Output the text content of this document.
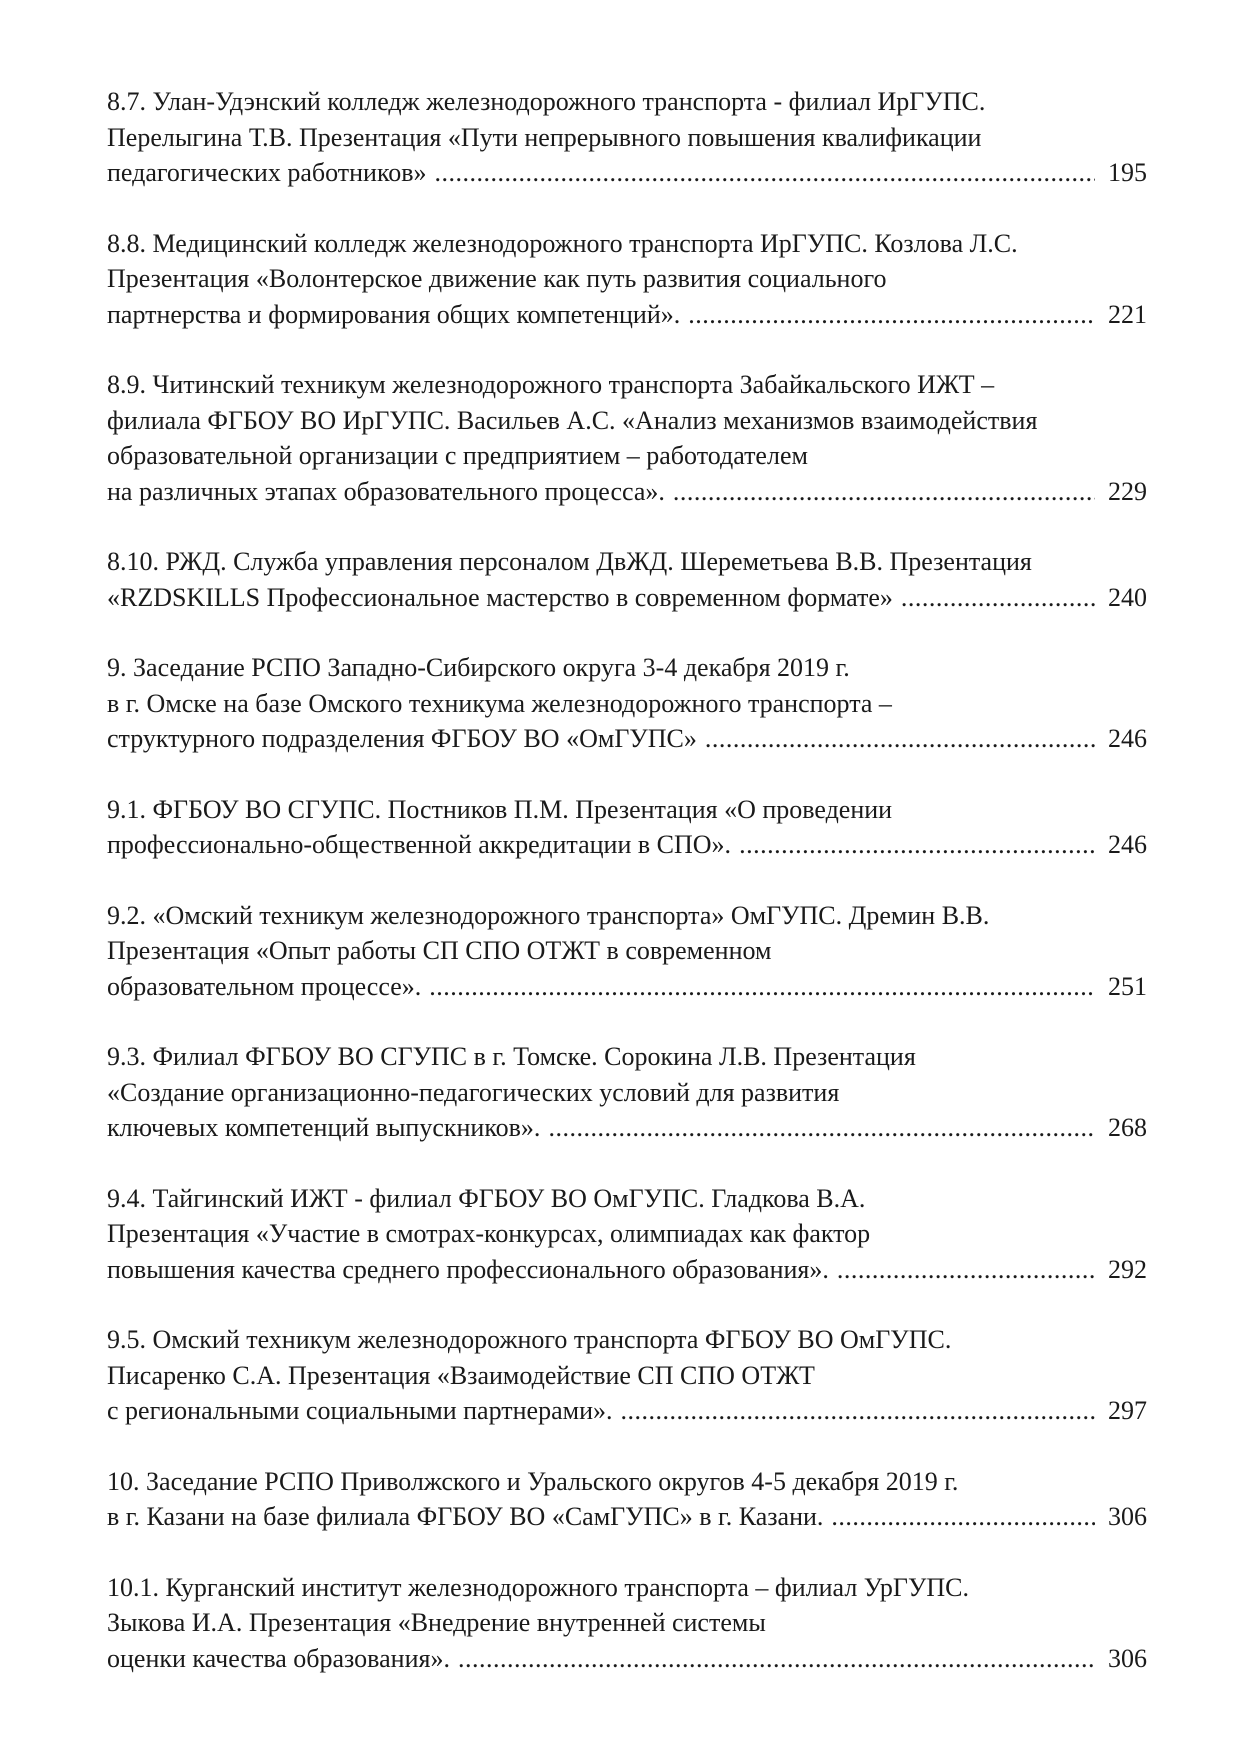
8.7. Улан-Удэнский колледж железнодорожного транспорта - филиал ИрГУПС.
Перелыгина Т.В. Презентация «Пути непрерывного повышения квалификации
педагогических работников» .....	195
8.8. Медицинский колледж железнодорожного транспорта ИрГУПС. Козлова Л.С.
Презентация «Волонтерское движение как путь развития социального
партнерства и формирования общих компетенций». .....	221
8.9. Читинский техникум железнодорожного транспорта Забайкальского ИЖТ –
филиала ФГБОУ ВО ИрГУПС. Васильев А.С. «Анализ механизмов взаимодействия
образовательной организации с предприятием – работодателем
на различных этапах образовательного процесса». .....	229
8.10. РЖД. Служба управления персоналом ДвЖД. Шереметьева В.В. Презентация
«RZDSKILLS Профессиональное мастерство в современном формате» .....	240
9. Заседание РСПО Западно-Сибирского округа 3-4 декабря 2019 г.
в г. Омске на базе Омского техникума железнодорожного транспорта –
структурного подразделения ФГБОУ ВО «ОмГУПС» .....	246
9.1. ФГБОУ ВО СГУПС. Постников П.М. Презентация «О проведении
профессионально-общественной аккредитации в СПО». .....	246
9.2. «Омский техникум железнодорожного транспорта» ОмГУПС. Дремин В.В.
Презентация «Опыт работы СП СПО ОТЖТ в современном
образовательном процессе». .....	251
9.3. Филиал ФГБОУ ВО СГУПС в г. Томске. Сорокина Л.В. Презентация
«Создание организационно-педагогических условий для развития
ключевых компетенций выпускников». .....	268
9.4. Тайгинский ИЖТ - филиал ФГБОУ ВО ОмГУПС. Гладкова В.А.
Презентация «Участие в смотрах-конкурсах, олимпиадах как фактор
повышения качества среднего профессионального образования». .....	292
9.5. Омский техникум железнодорожного транспорта ФГБОУ ВО ОмГУПС.
Писаренко С.А. Презентация «Взаимодействие СП СПО ОТЖТ
с региональными социальными партнерами». .....	297
10. Заседание РСПО Приволжского и Уральского округов 4-5 декабря 2019 г.
в г. Казани на базе филиала ФГБОУ ВО «СамГУПС» в г. Казани. .....	306
10.1. Курганский институт железнодорожного транспорта – филиал УрГУПС.
Зыкова И.А. Презентация «Внедрение внутренней системы
оценки качества образования». .....	306
